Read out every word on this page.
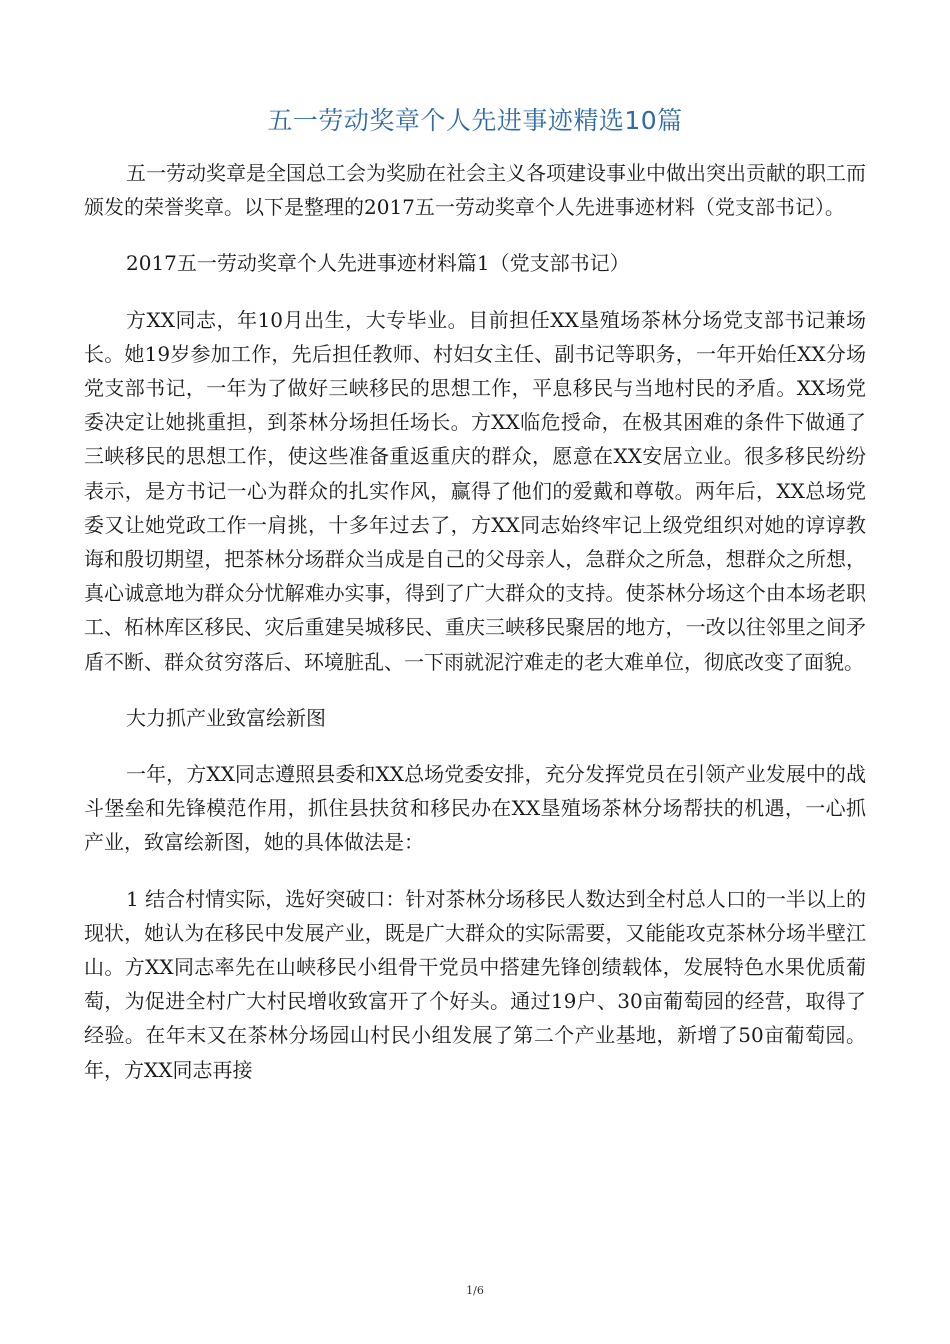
五一劳动奖章个人先进事迹精选10篇

五一劳动奖章是全国总工会为奖励在社会主义各项建设事业中做出突出贡献的职工而颁发的荣誉奖章。以下是整理的2017五一劳动奖章个人先进事迹材料（党支部书记）。

2017五一劳动奖章个人先进事迹材料篇1（党支部书记）

方XX同志，年10月出生，大专毕业。目前担任XX垦殖场茶林分场党支部书记兼场长。她19岁参加工作，先后担任教师、村妇女主任、副书记等职务，一年开始任XX分场党支部书记，一年为了做好三峡移民的思想工作，平息移民与当地村民的矛盾。XX场党委决定让她挑重担，到茶林分场担任场长。方XX临危授命，在极其困难的条件下做通了三峡移民的思想工作，使这些准备重返重庆的群众，愿意在XX安居立业。很多移民纷纷表示，是方书记一心为群众的扎实作风，赢得了他们的爱戴和尊敬。两年后，XX总场党委又让她党政工作一肩挑，十多年过去了，方XX同志始终牢记上级党组织对她的谆谆教诲和殷切期望，把茶林分场群众当成是自己的父母亲人，急群众之所急，想群众之所想，真心诚意地为群众分忧解难办实事，得到了广大群众的支持。使茶林分场这个由本场老职工、柘林库区移民、灾后重建吴城移民、重庆三峡移民聚居的地方，一改以往邻里之间矛盾不断、群众贫穷落后、环境脏乱、一下雨就泥泞难走的老大难单位，彻底改变了面貌。

大力抓产业致富绘新图

一年，方XX同志遵照县委和XX总场党委安排，充分发挥党员在引领产业发展中的战斗堡垒和先锋模范作用，抓住县扶贫和移民办在XX垦殖场茶林分场帮扶的机遇，一心抓产业，致富绘新图，她的具体做法是：

1 结合村情实际，选好突破口：针对茶林分场移民人数达到全村总人口的一半以上的现状，她认为在移民中发展产业，既是广大群众的实际需要，又能能攻克茶林分场半壁江山。方XX同志率先在山峡移民小组骨干党员中搭建先锋创绩载体，发展特色水果优质葡萄，为促进全村广大村民增收致富开了个好头。通过19户、30亩葡萄园的经营，取得了经验。在年末又在茶林分场园山村民小组发展了第二个产业基地，新增了50亩葡萄园。年，方XX同志再接

1/6
